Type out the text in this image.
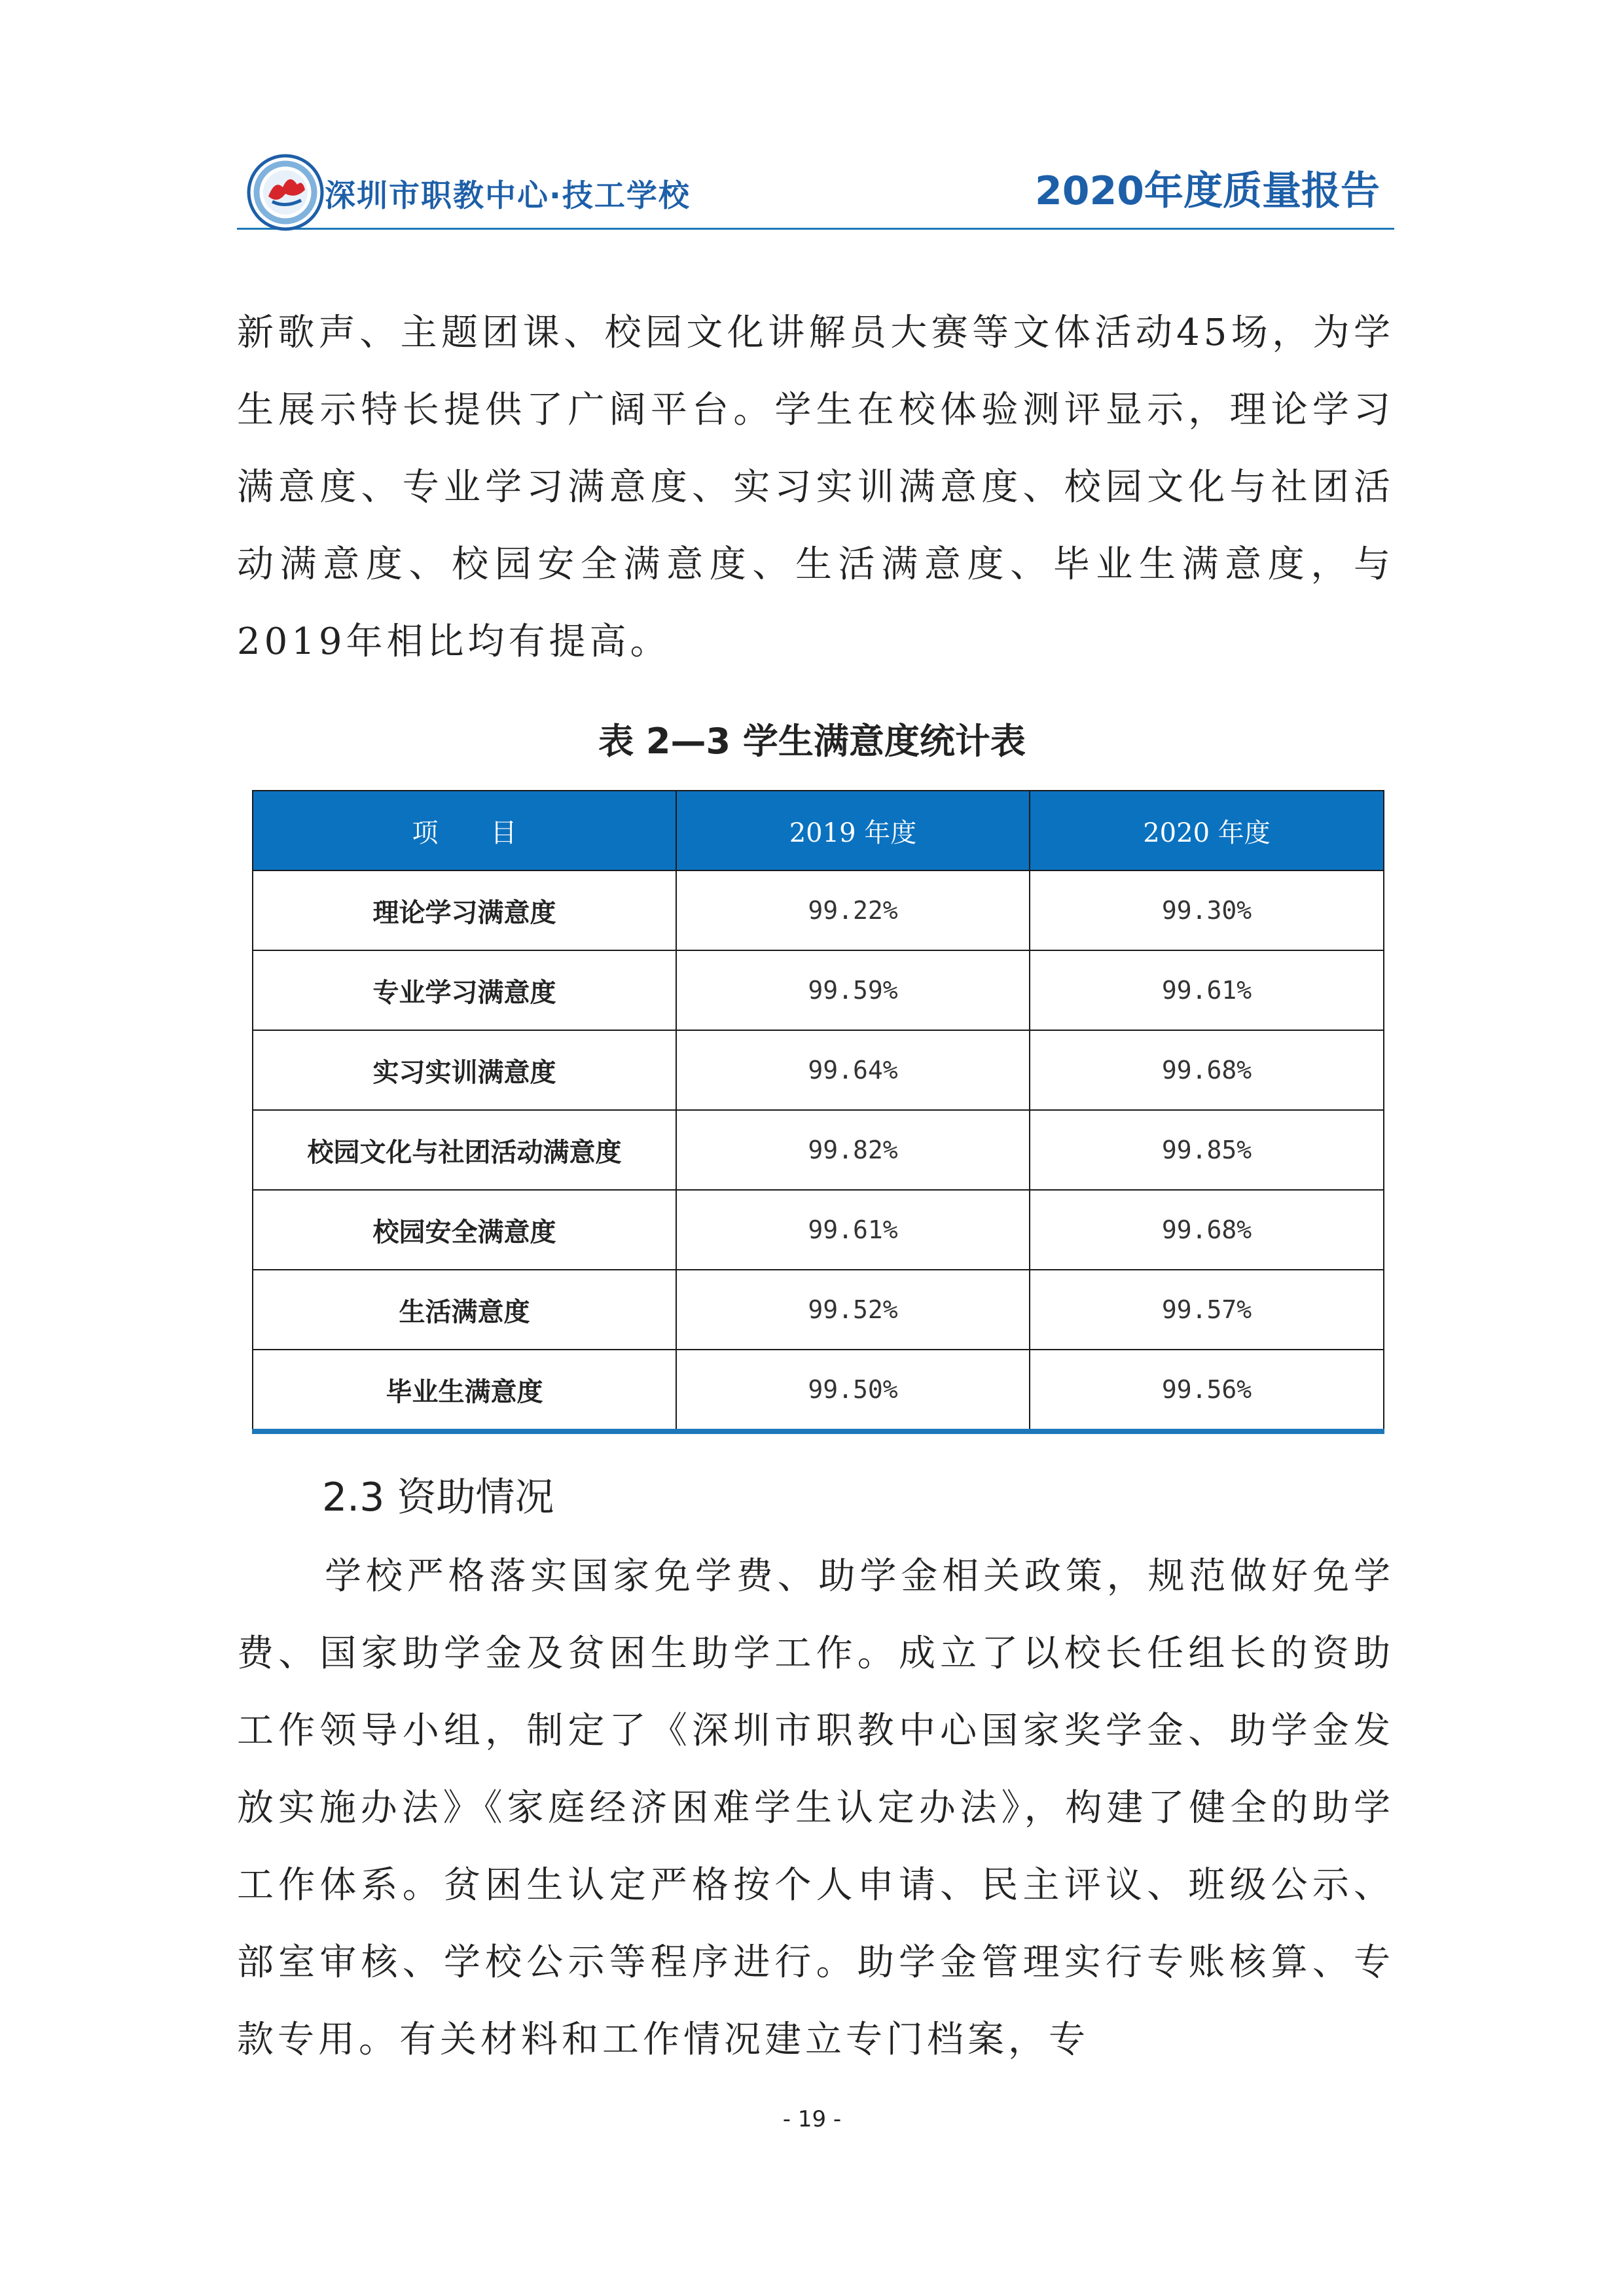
深圳市职教中心·技工学校	2020年度质量报告

新歌声、主题团课、校园文化讲解员大赛等文体活动45场，为学生展示特长提供了广阔平台。学生在校体验测评显示，理论学习满意度、专业学习满意度、实习实训满意度、校园文化与社团活动满意度、校园安全满意度、生活满意度、毕业生满意度，与2019年相比均有提高。

表 2—3 学生满意度统计表
项　　目	2019 年度	2020 年度
理论学习满意度	99.22%	99.30%
专业学习满意度	99.59%	99.61%
实习实训满意度	99.64%	99.68%
校园文化与社团活动满意度	99.82%	99.85%
校园安全满意度	99.61%	99.68%
生活满意度	99.52%	99.57%
毕业生满意度	99.50%	99.56%
2.3 资助情况

学校严格落实国家免学费、助学金相关政策，规范做好免学费、国家助学金及贫困生助学工作。成立了以校长任组长的资助工作领导小组，制定了《深圳市职教中心国家奖学金、助学金发放实施办法》《家庭经济困难学生认定办法》，构建了健全的助学工作体系。贫困生认定严格按个人申请、民主评议、班级公示、部室审核、学校公示等程序进行。助学金管理实行专账核算、专款专用。有关材料和工作情况建立专门档案，专

- 19 -
